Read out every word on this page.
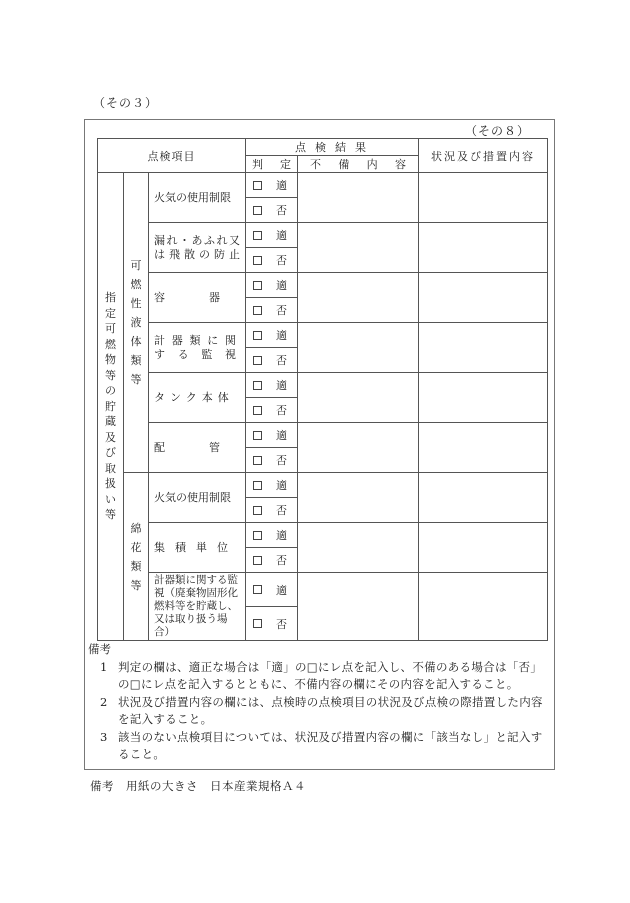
（その３）
（その８）
点検項目			点検結果		状況及び措置内容

			判 定	不 備 内 容	

指定可燃物等の貯蔵及び取扱い等	可燃性液体類等	火気の使用制限	適		

			否		

		漏れ・あふれ又は飛散の防止	適		

			否		

		容　　　　器	適		

			否		

		計器類に関する監視	適		

			否		

		タンク本体	適		

			否		

		配　　　　管	適		

			否		

	綿花類等	火気の使用制限	適		

			否		

		集積単位	適		

			否		

		計器類に関する監視（廃棄物固形化燃料等を貯蔵し、又は取り扱う場合）	適		

			否		
備考
1 判定の欄は、適正な場合は「適」の□にレ点を記入し、不備のある場合は「否」の□にレ点を記入するとともに、不備内容の欄にその内容を記入すること。
2 状況及び措置内容の欄には、点検時の点検項目の状況及び点検の際措置した内容を記入すること。
3 該当のない点検項目については、状況及び措置内容の欄に「該当なし」と記入すること。
備考　用紙の大きさ　日本産業規格Ａ４
